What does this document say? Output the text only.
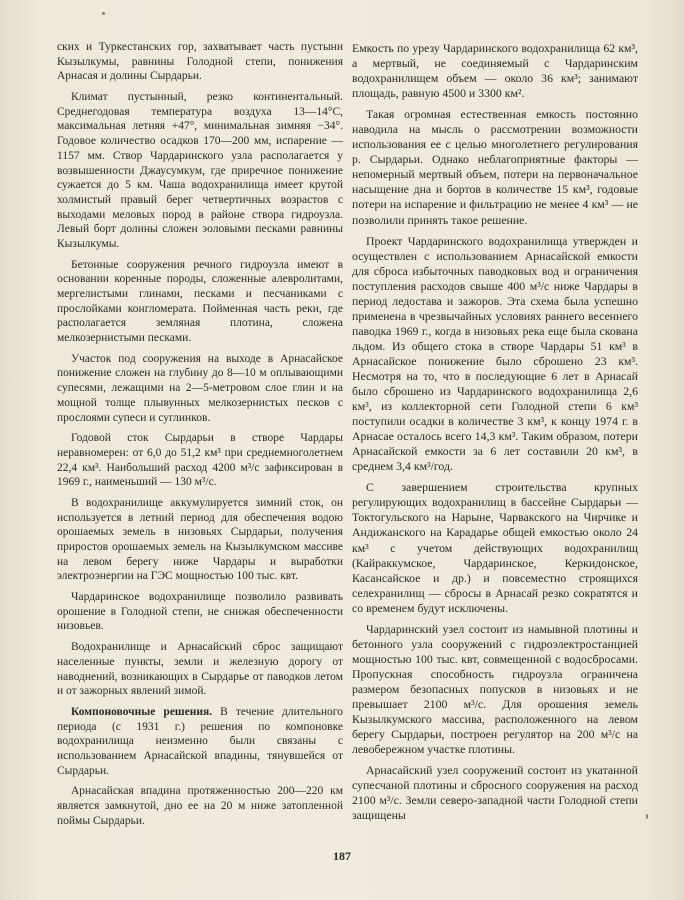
ских и Туркестанских гор, захватывает часть пустыни Кызылкумы, равнины Голодной степи, понижения Арнасая и долины Сырдарьи.

Климат пустынный, резко континентальный. Среднегодовая температура воздуха 13—14°С, максимальная летняя +47°, минимальная зимняя −34°. Годовое количество осадков 170—200 мм, испарение — 1157 мм. Створ Чардаринского узла располагается у возвышенности Джаусумкум, где приречное понижение сужается до 5 км. Чаша водохранилища имеет крутой холмистый правый берег четвертичных возрастов с выходами меловых пород в районе створа гидроузла. Левый борт долины сложен эоловыми песками равнины Кызылкумы.

Бетонные сооружения речного гидроузла имеют в основании коренные породы, сложенные алевролитами, мергелистыми глинами, песками и песчаниками с прослойками конгломерата. Пойменная часть реки, где располагается земляная плотина, сложена мелкозернистыми песками.

Участок под сооружения на выходе в Арнасайское понижение сложен на глубину до 8—10 м оплывающими супесями, лежащими на 2—5-метровом слое глин и на мощной толще плывунных мелкозернистых песков с прослоями супеси и суглинков.

Годовой сток Сырдарьи в створе Чардары неравномерен: от 6,0 до 51,2 км³ при среднемноголетнем 22,4 км³. Наибольший расход 4200 м³/с зафиксирован в 1969 г., наименьший — 130 м³/с.

В водохранилище аккумулируется зимний сток, он используется в летний период для обеспечения водою орошаемых земель в низовьях Сырдарьи, получения приростов орошаемых земель на Кызылкумском массиве на левом берегу ниже Чардары и выработки электроэнергии на ГЭС мощностью 100 тыс. квт.

Чардаринское водохранилище позволило развивать орошение в Голодной степи, не снижая обеспеченности низовьев.

Водохранилище и Арнасайский сброс защищают населенные пункты, земли и железную дорогу от наводнений, возникающих в Сырдарье от паводков летом и от зажорных явлений зимой.

Компоновочные решения. В течение длительного периода (с 1931 г.) решения по компоновке водохранилища неизменно были связаны с использованием Арнасайской впадины, тянувшейся от Сырдарьи.

Арнасайская впадина протяженностью 200—220 км является замкнутой, дно ее на 20 м ниже затопленной поймы Сырдарьи.

Емкость по урезу Чардаринского водохранилища 62 км³, а мертвый, не соединяемый с Чардаринским водохранилищем объем — около 36 км³; занимают площадь, равную 4500 и 3300 км².

Такая огромная естественная емкость постоянно наводила на мысль о рассмотрении возможности использования ее с целью многолетнего регулирования р. Сырдарьи. Однако неблагоприятные факторы — непомерный мертвый объем, потери на первоначальное насыщение дна и бортов в количестве 15 км³, годовые потери на испарение и фильтрацию не менее 4 км³ — не позволили принять такое решение.

Проект Чардаринского водохранилища утвержден и осуществлен с использованием Арнасайской емкости для сброса избыточных паводковых вод и ограничения поступления расходов свыше 400 м³/с ниже Чардары в период ледостава и зажоров. Эта схема была успешно применена в чрезвычайных условиях раннего весеннего паводка 1969 г., когда в низовьях река еще была скована льдом. Из общего стока в створе Чардары 51 км³ в Арнасайское понижение было сброшено 23 км³. Несмотря на то, что в последующие 6 лет в Арнасай было сброшено из Чардаринского водохранилища 2,6 км³, из коллекторной сети Голодной степи 6 км³ поступили осадки в количестве 3 км³, к концу 1974 г. в Арнасае осталось всего 14,3 км³. Таким образом, потери Арнасайской емкости за 6 лет составили 20 км³, в среднем 3,4 км³/год.

С завершением строительства крупных регулирующих водохранилищ в бассейне Сырдарьи — Токтогульского на Нарыне, Чарвакского на Чирчике и Андижанского на Карадарье общей емкостью около 24 км³ с учетом действующих водохранилищ (Кайраккумское, Чардаринское, Керкидонское, Касансайское и др.) и повсеместно строящихся селехранилищ — сбросы в Арнасай резко сократятся и со временем будут исключены.

Чардаринский узел состоит из намывной плотины и бетонного узла сооружений с гидроэлектростанцией мощностью 100 тыс. квт, совмещенной с водосбросами. Пропускная способность гидроузла ограничена размером безопасных попусков в низовьях и не превышает 2100 м³/с. Для орошения земель Кызылкумского массива, расположенного на левом берегу Сырдарьи, построен регулятор на 200 м³/с на левобережном участке плотины.

Арнасайский узел сооружений состоит из укатанной супесчаной плотины и сбросного сооружения на расход 2100 м³/с. Земли северо-западной части Голодной степи защищены

187
